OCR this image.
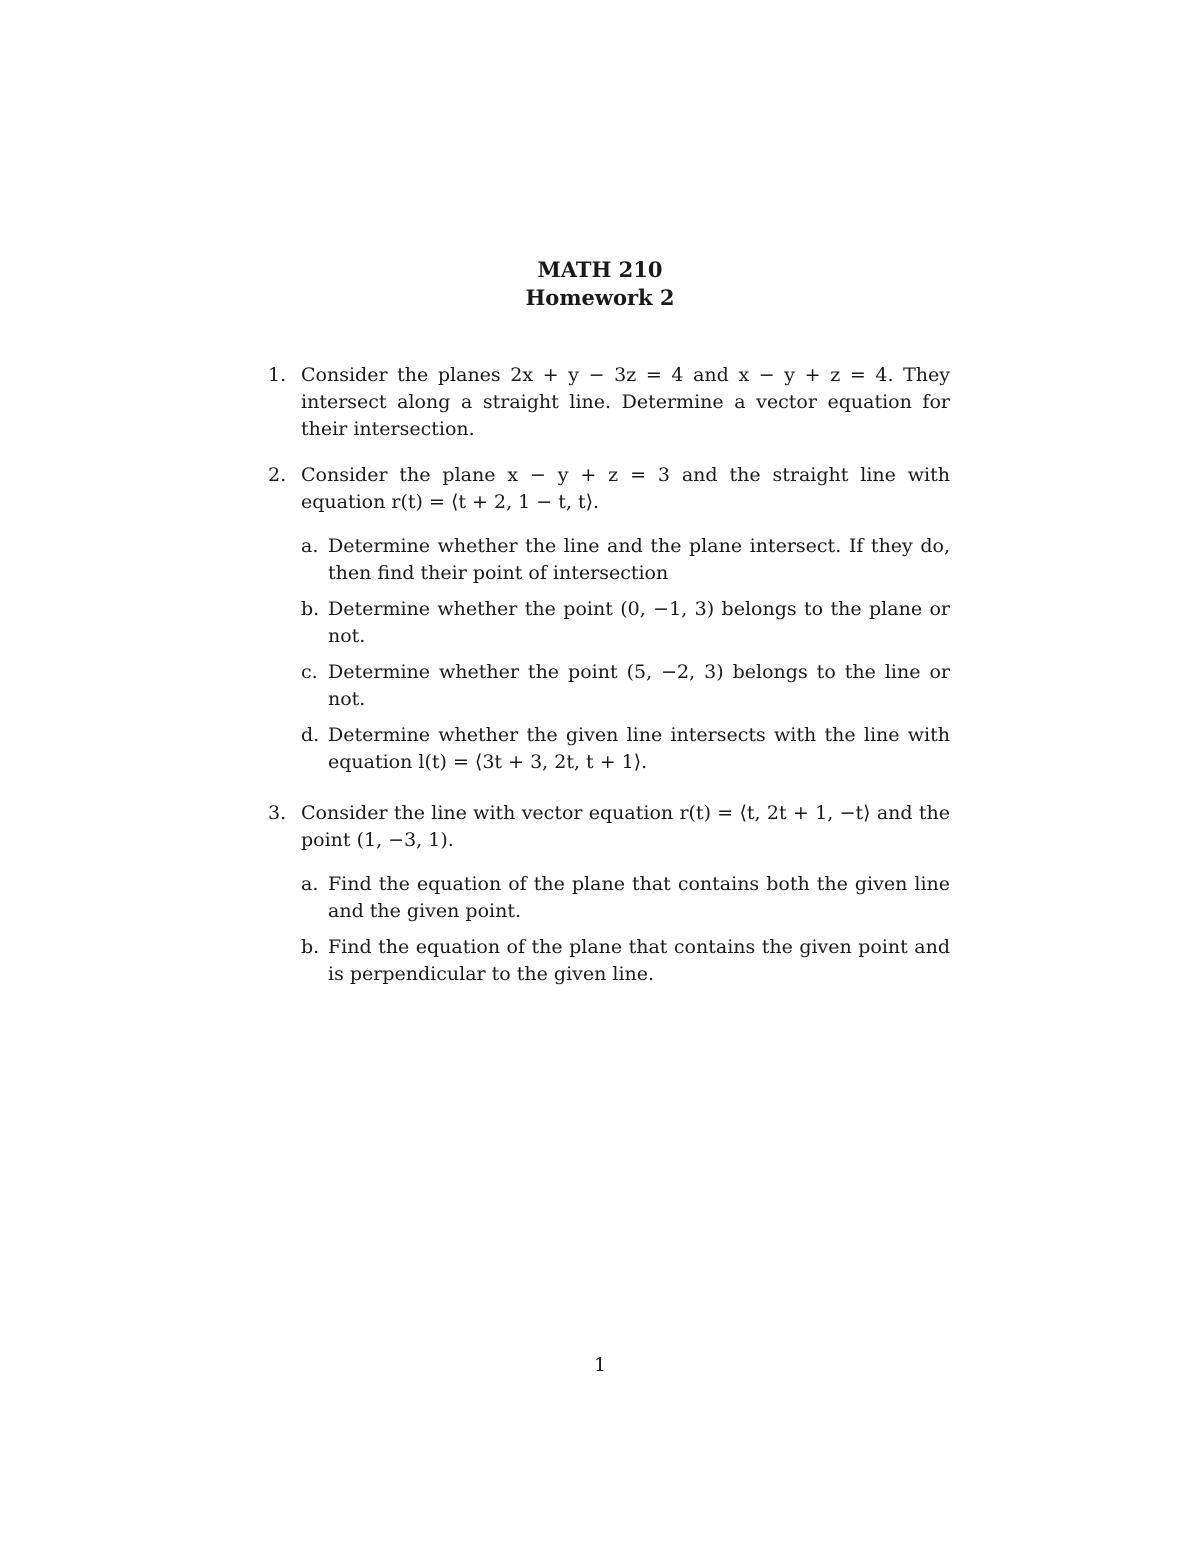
MATH 210
Homework 2
1. Consider the planes 2x + y − 3z = 4 and x − y + z = 4. They intersect along a straight line. Determine a vector equation for their intersection.
2. Consider the plane x − y + z = 3 and the straight line with equation r(t) = ⟨t + 2, 1 − t, t⟩.
a. Determine whether the line and the plane intersect. If they do, then find their point of intersection
b. Determine whether the point (0, −1, 3) belongs to the plane or not.
c. Determine whether the point (5, −2, 3) belongs to the line or not.
d. Determine whether the given line intersects with the line with equation l(t) = ⟨3t + 3, 2t, t + 1⟩.
3. Consider the line with vector equation r(t) = ⟨t, 2t + 1, −t⟩ and the point (1, −3, 1).
a. Find the equation of the plane that contains both the given line and the given point.
b. Find the equation of the plane that contains the given point and is perpendicular to the given line.
1
